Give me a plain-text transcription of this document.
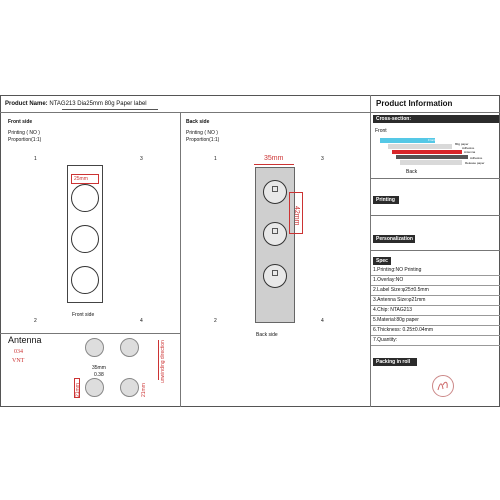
Product Name: NTAG213 Dia25mm 80g Paper label	Product Information
Front side
Printing ( NO )
Proportion(1:1)
1	3
2	4
25mm
Front side
Back side
Printing ( NO )
Proportion(1:1)
1	3
2	4
35mm
42mm
Back side
Antenna
034
VNT
35mm
0.38
21mm	21mm
unwinding direction
Cross-section:
Front
Front
80g paper
Adhesive
Antenna
Adhesive
Release paper
Back
Printing
Personalization
Spec
1.Printing:NO Printing
1.Overlay:NO
2.Label Size:φ25±0.5mm
3.Antenna Size:φ21mm
4.Chip: NTAG213
5.Material:80g paper
6.Thickness: 0.25±0.04mm
7.Quantity:
Packing in roll
